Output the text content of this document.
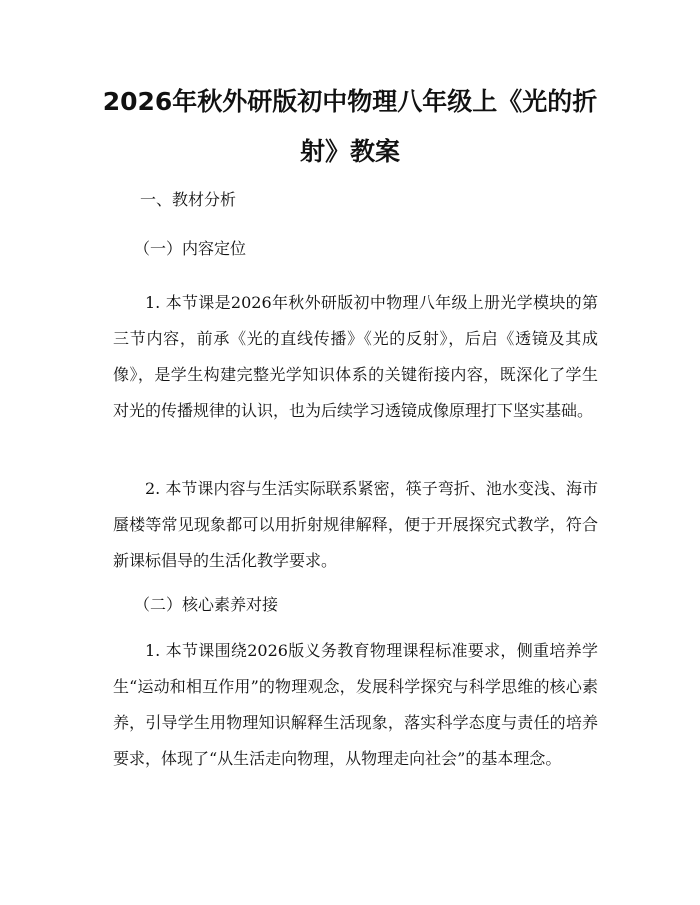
2026年秋外研版初中物理八年级上《光的折射》教案
一、教材分析
（一）内容定位

1. 本节课是2026年秋外研版初中物理八年级上册光学模块的第三节内容，前承《光的直线传播》《光的反射》，后启《透镜及其成像》，是学生构建完整光学知识体系的关键衔接内容，既深化了学生对光的传播规律的认识，也为后续学习透镜成像原理打下坚实基础。

2. 本节课内容与生活实际联系紧密，筷子弯折、池水变浅、海市蜃楼等常见现象都可以用折射规律解释，便于开展探究式教学，符合新课标倡导的生活化教学要求。

（二）核心素养对接

1. 本节课围绕2026版义务教育物理课程标准要求，侧重培养学生“运动和相互作用”的物理观念，发展科学探究与科学思维的核心素养，引导学生用物理知识解释生活现象，落实科学态度与责任的培养要求，体现了“从生活走向物理，从物理走向社会”的基本理念。
